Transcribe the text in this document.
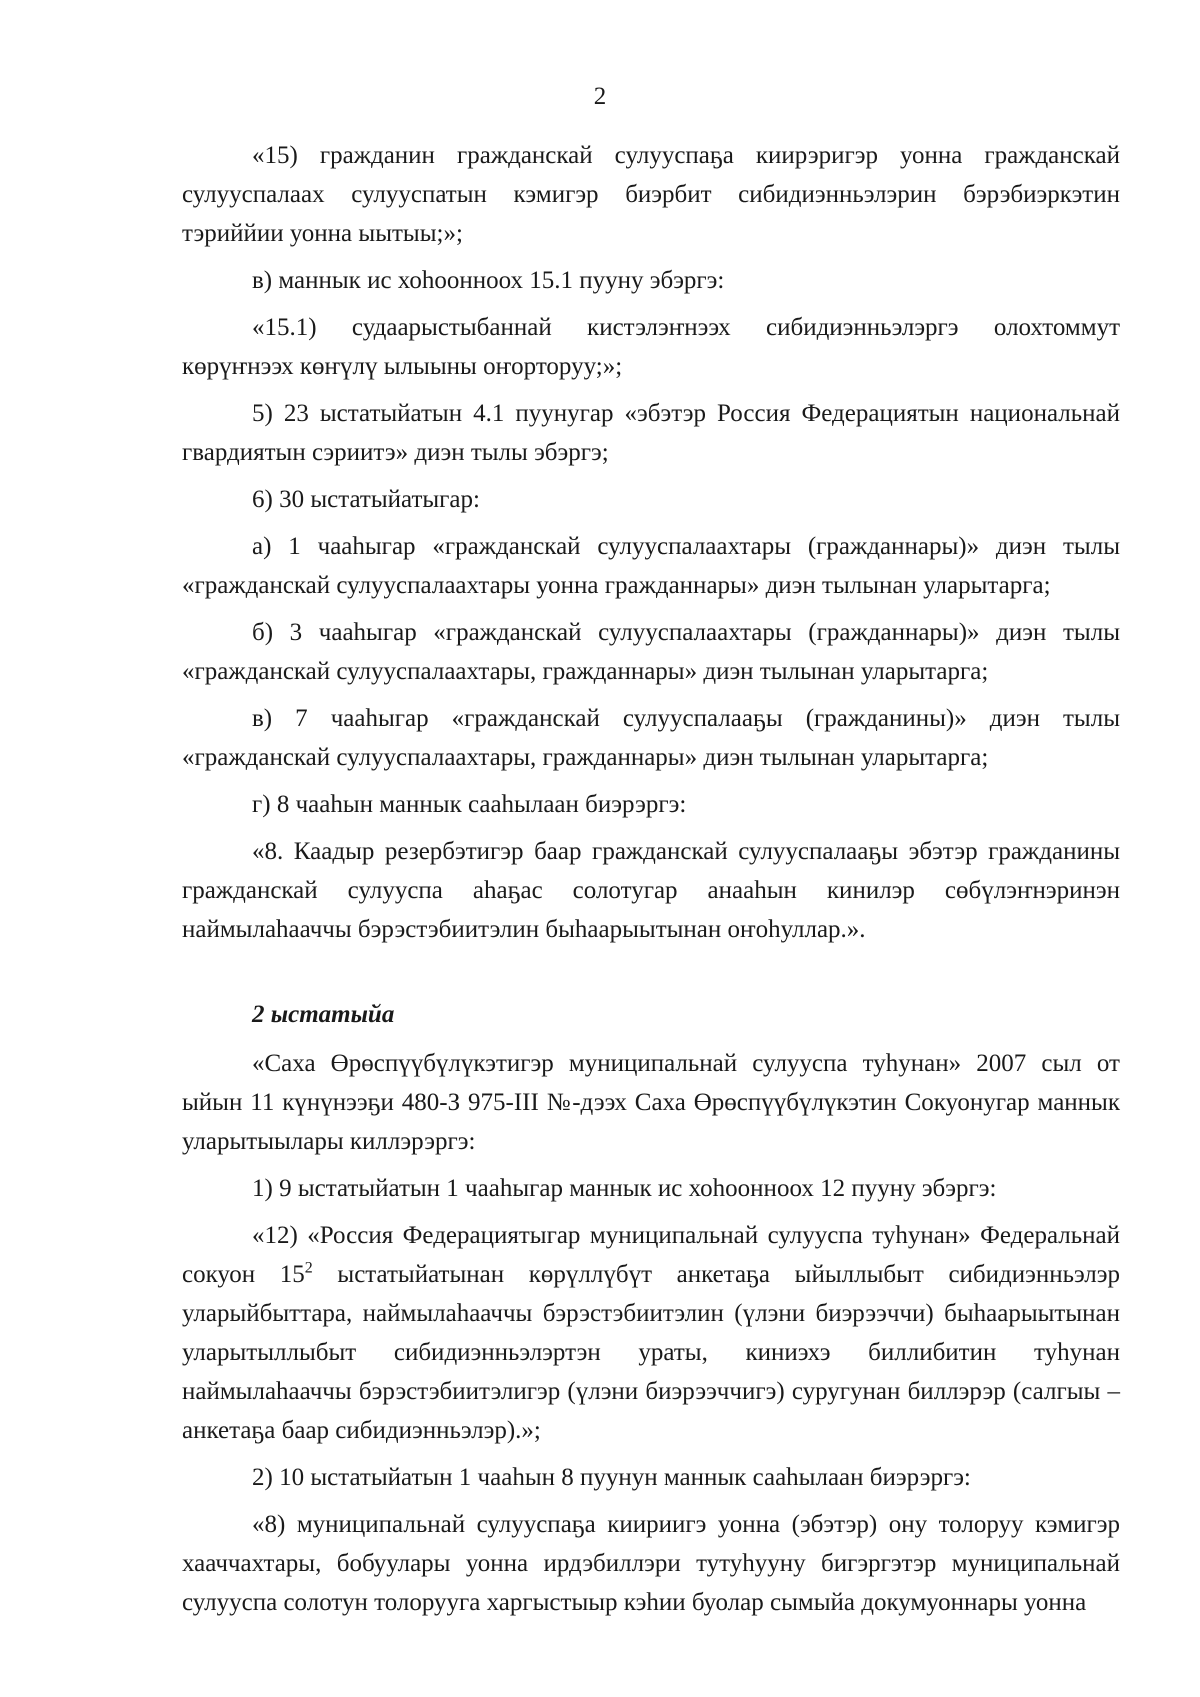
2

«15) гражданин гражданскай сулууспаҕа киирэригэр уонна гражданскай сулууспалаах сулууспатын кэмигэр биэрбит сибидиэнньэлэрин бэрэбиэркэтин тэриййии уонна ыытыы;»;

в) маннык ис хоһоонноох 15.1 пууну эбэргэ:

«15.1) судаарыстыбаннай кистэлэҥнээх сибидиэнньэлэргэ олохтоммут көрүҥнээх көҥүлү ылыыны оҥорторуу;»;

5) 23 ыстатыйатын 4.1 пуунугар «эбэтэр Россия Федерациятын национальнай гвардиятын сэриитэ» диэн тылы эбэргэ;

6) 30 ыстатыйатыгар:

а) 1 чааһыгар «гражданскай сулууспалаахтары (гражданнары)» диэн тылы «гражданскай сулууспалаахтары уонна гражданнары» диэн тылынан уларытарга;

б) 3 чааһыгар «гражданскай сулууспалаахтары (гражданнары)» диэн тылы «гражданскай сулууспалаахтары, гражданнары» диэн тылынан уларытарга;

в) 7 чааһыгар «гражданскай сулууспалааҕы (гражданины)» диэн тылы «гражданскай сулууспалаахтары, гражданнары» диэн тылынан уларытарга;

г) 8 чааһын маннык сааһылаан биэрэргэ:

«8. Каадыр резербэтигэр баар гражданскай сулууспалааҕы эбэтэр гражданины гражданскай сулууспа аһаҕас солотугар анааһын кинилэр сөбүлэҥнэринэн наймылаһааччы бэрэстэбиитэлин быһаарыытынан оҥоһуллар.».

2 ыстатыйа

«Саха Өрөспүүбүлүкэтигэр муниципальнай сулууспа туһунан» 2007 сыл от ыйын 11 күнүнээҕи 480-З 975-III №-дээх Саха Өрөспүүбүлүкэтин Сокуонугар маннык уларытыылары киллэрэргэ:

1) 9 ыстатыйатын 1 чааһыгар маннык ис хоһоонноох 12 пууну эбэргэ:

«12) «Россия Федерациятыгар муниципальнай сулууспа туһунан» Федеральнай сокуон $15^2$ ыстатыйатынан көрүллүбүт анкетаҕа ыйыллыбыт сибидиэнньэлэр уларыйбыттара, наймылаһааччы бэрэстэбиитэлин (үлэни биэрээччи) быһаарыытынан уларытыллыбыт сибидиэнньэлэртэн ураты, киниэхэ биллибитин туһунан наймылаһааччы бэрэстэбиитэлигэр (үлэни биэрээччигэ) суругунан биллэрэр (салгыы – анкетаҕа баар сибидиэнньэлэр).»;

2) 10 ыстатыйатын 1 чааһын 8 пуунун маннык сааһылаан биэрэргэ:

«8) муниципальнай сулууспаҕа киириигэ уонна (эбэтэр) ону толоруу кэмигэр хааччахтары, бобуулары уонна ирдэбиллэри тутуһууну бигэргэтэр муниципальнай сулууспа солотун толорууга харгыстыыр кэһии буолар сымыйа докумуоннары уонна
